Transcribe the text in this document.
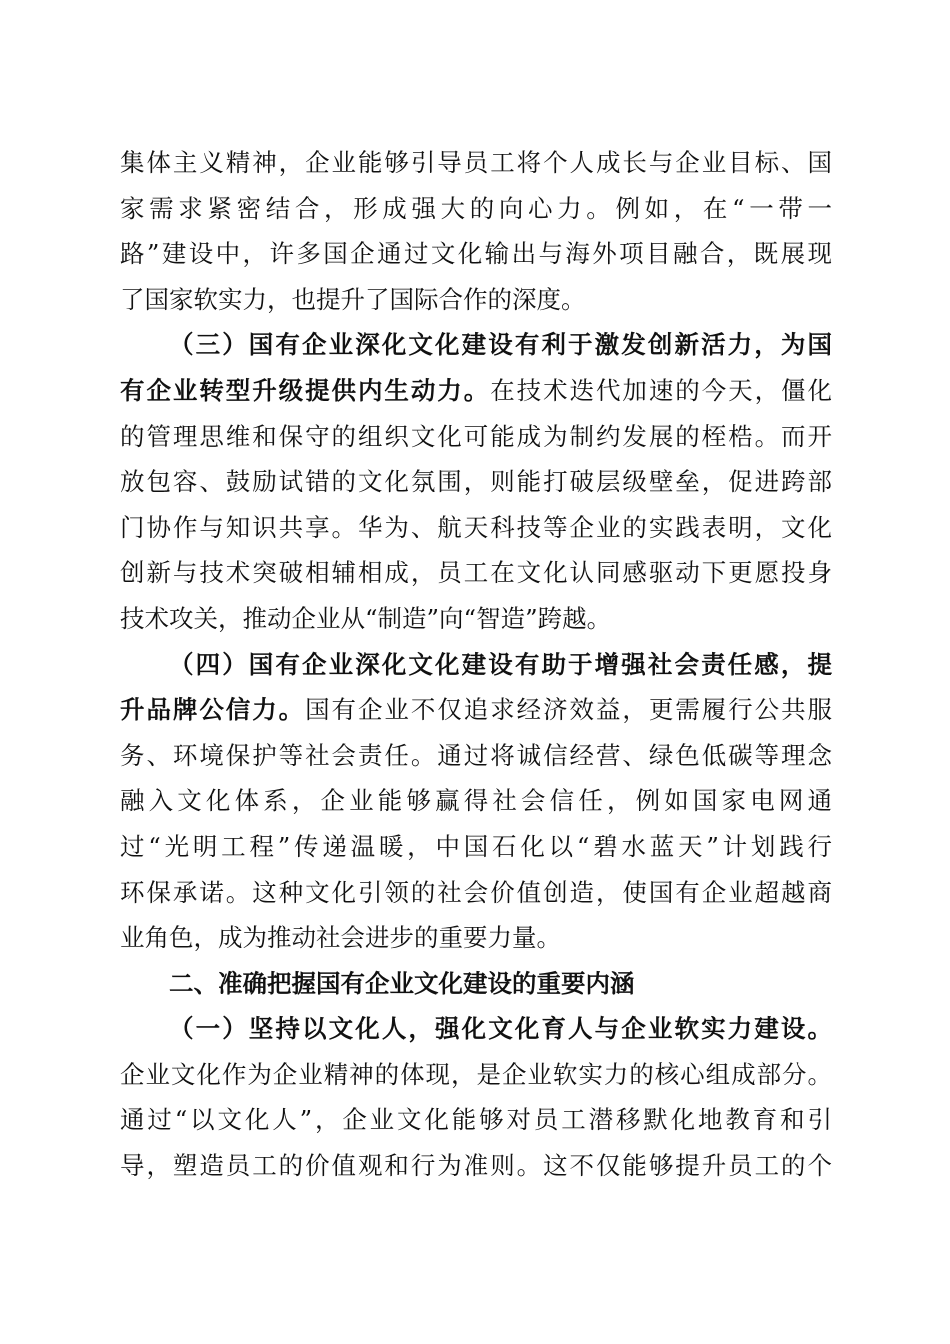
集体主义精神，企业能够引导员工将个人成长与企业目标、国
家需求紧密结合，形成强大的向心力。例如，在“一带一
路”建设中，许多国企通过文化输出与海外项目融合，既展现
了国家软实力，也提升了国际合作的深度。
（三）国有企业深化文化建设有利于激发创新活力，为国
有企业转型升级提供内生动力。在技术迭代加速的今天，僵化
的管理思维和保守的组织文化可能成为制约发展的桎梏。而开
放包容、鼓励试错的文化氛围，则能打破层级壁垒，促进跨部
门协作与知识共享。华为、航天科技等企业的实践表明，文化
创新与技术突破相辅相成，员工在文化认同感驱动下更愿投身
技术攻关，推动企业从“制造”向“智造”跨越。
（四）国有企业深化文化建设有助于增强社会责任感，提
升品牌公信力。国有企业不仅追求经济效益，更需履行公共服
务、环境保护等社会责任。通过将诚信经营、绿色低碳等理念
融入文化体系，企业能够赢得社会信任，例如国家电网通
过“光明工程”传递温暖，中国石化以“碧水蓝天”计划践行
环保承诺。这种文化引领的社会价值创造，使国有企业超越商
业角色，成为推动社会进步的重要力量。
二、准确把握国有企业文化建设的重要内涵
（一）坚持以文化人，强化文化育人与企业软实力建设。
企业文化作为企业精神的体现，是企业软实力的核心组成部分。
通过“以文化人”，企业文化能够对员工潜移默化地教育和引
导，塑造员工的价值观和行为准则。这不仅能够提升员工的个
